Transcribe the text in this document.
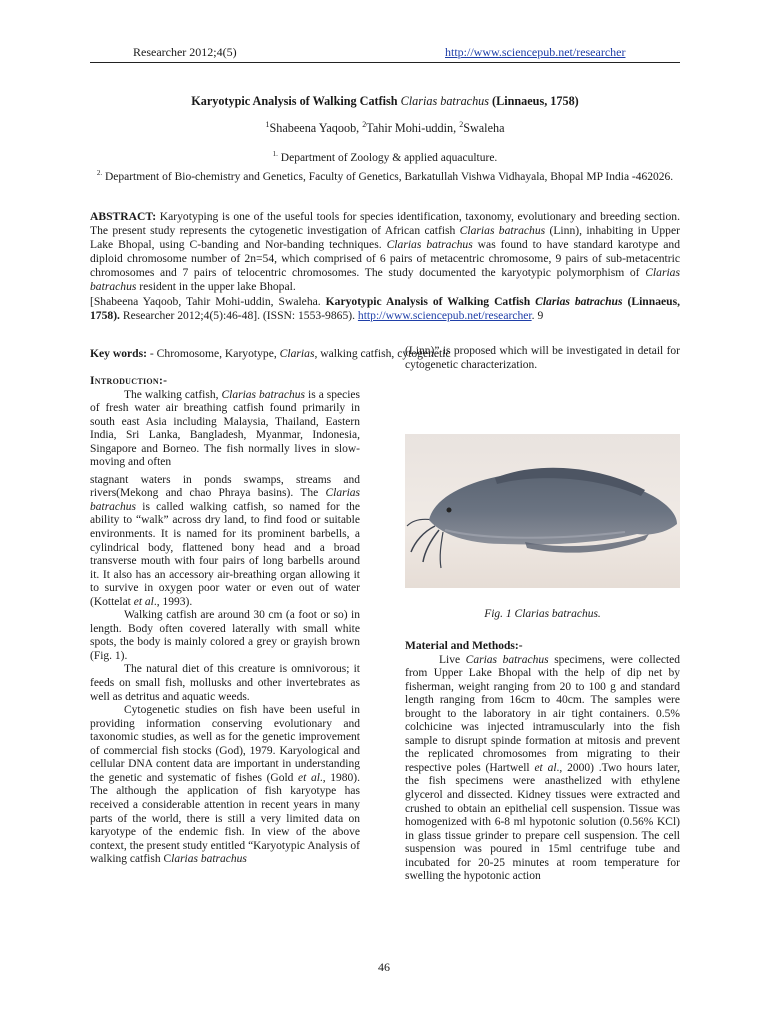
Researcher 2012;4(5)	http://www.sciencepub.net/researcher
Karyotypic Analysis of Walking Catfish Clarias batrachus (Linnaeus, 1758)
$^1$Shabeena Yaqoob, $^2$Tahir Mohi-uddin, $^2$Swaleha
$^{1.}$ Department of Zoology & applied aquaculture.
$^{2.}$ Department of Bio-chemistry and Genetics, Faculty of Genetics, Barkatullah Vishwa Vidhayala, Bhopal MP India -462026.
ABSTRACT: Karyotyping is one of the useful tools for species identification, taxonomy, evolutionary and breeding section. The present study represents the cytogenetic investigation of African catfish Clarias batrachus (Linn), inhabiting in Upper Lake Bhopal, using C-banding and Nor-banding techniques. Clarias batrachus was found to have standard karotype and diploid chromosome number of 2n=54, which comprised of 6 pairs of metacentric chromosome, 9 pairs of sub-metacentric chromosomes and 7 pairs of telocentric chromosomes. The study documented the karyotypic polymorphism of Clarias batrachus resident in the upper lake Bhopal.
[Shabeena Yaqoob, Tahir Mohi-uddin, Swaleha. Karyotypic Analysis of Walking Catfish Clarias batrachus (Linnaeus, 1758). Researcher 2012;4(5):46-48]. (ISSN: 1553-9865). http://www.sciencepub.net/researcher. 9
Key words: - Chromosome, Karyotype, Clarias, walking catfish, cytogenetic
Introduction:-

The walking catfish, Clarias batrachus is a species of fresh water air breathing catfish found primarily in south east Asia including Malaysia, Thailand, Eastern India, Sri Lanka, Bangladesh, Myanmar, Indonesia, Singapore and Borneo. The fish normally lives in slow-moving and often

stagnant waters in ponds swamps, streams and rivers(Mekong and chao Phraya basins). The Clarias batrachus is called walking catfish, so named for the ability to “walk” across dry land, to find food or suitable environments. It is named for its prominent barbells, a cylindrical body, flattened bony head and a broad transverse mouth with four pairs of long barbells around it. It also has an accessory air-breathing organ allowing it to survive in oxygen poor water or even out of water (Kottelat et al., 1993).

Walking catfish are around 30 cm (a foot or so) in length. Body often covered laterally with small white spots, the body is mainly colored a grey or grayish brown (Fig. 1).

The natural diet of this creature is omnivorous; it feeds on small fish, mollusks and other invertebrates as well as detritus and aquatic weeds.

Cytogenetic studies on fish have been useful in providing information conserving evolutionary and taxonomic studies, as well as for the genetic improvement of commercial fish stocks (God), 1979. Karyological and cellular DNA content data are important in understanding the genetic and systematic of fishes (Gold et al., 1980). The although the application of fish karyotype has received a considerable attention in recent years in many parts of the world, there is still a very limited data on karyotype of the endemic fish. In view of the above context, the present study entitled “Karyotypic Analysis of walking catfish Clarias batrachus

(Linn)” is proposed which will be investigated in detail for cytogenetic characterization.

Fig. 1 Clarias batrachus.
Material and Methods:-

Live Carias batrachus specimens, were collected from Upper Lake Bhopal with the help of dip net by fisherman, weight ranging from 20 to 100 g and standard length ranging from 16cm to 40cm. The samples were brought to the laboratory in air tight containers. 0.5% colchicine was injected intramuscularly into the fish sample to disrupt spinde formation at mitosis and prevent the replicated chromosomes from migrating to their respective poles (Hartwell et al., 2000) .Two hours later, the fish specimens were anasthelized with ethylene glycerol and dissected. Kidney tissues were extracted and crushed to obtain an epithelial cell suspension. Tissue was homogenized with 6-8 ml hypotonic solution (0.56% KCl) in glass tissue grinder to prepare cell suspension. The cell suspension was poured in 15ml centrifuge tube and incubated for 20-25 minutes at room temperature for swelling the hypotonic action

46
